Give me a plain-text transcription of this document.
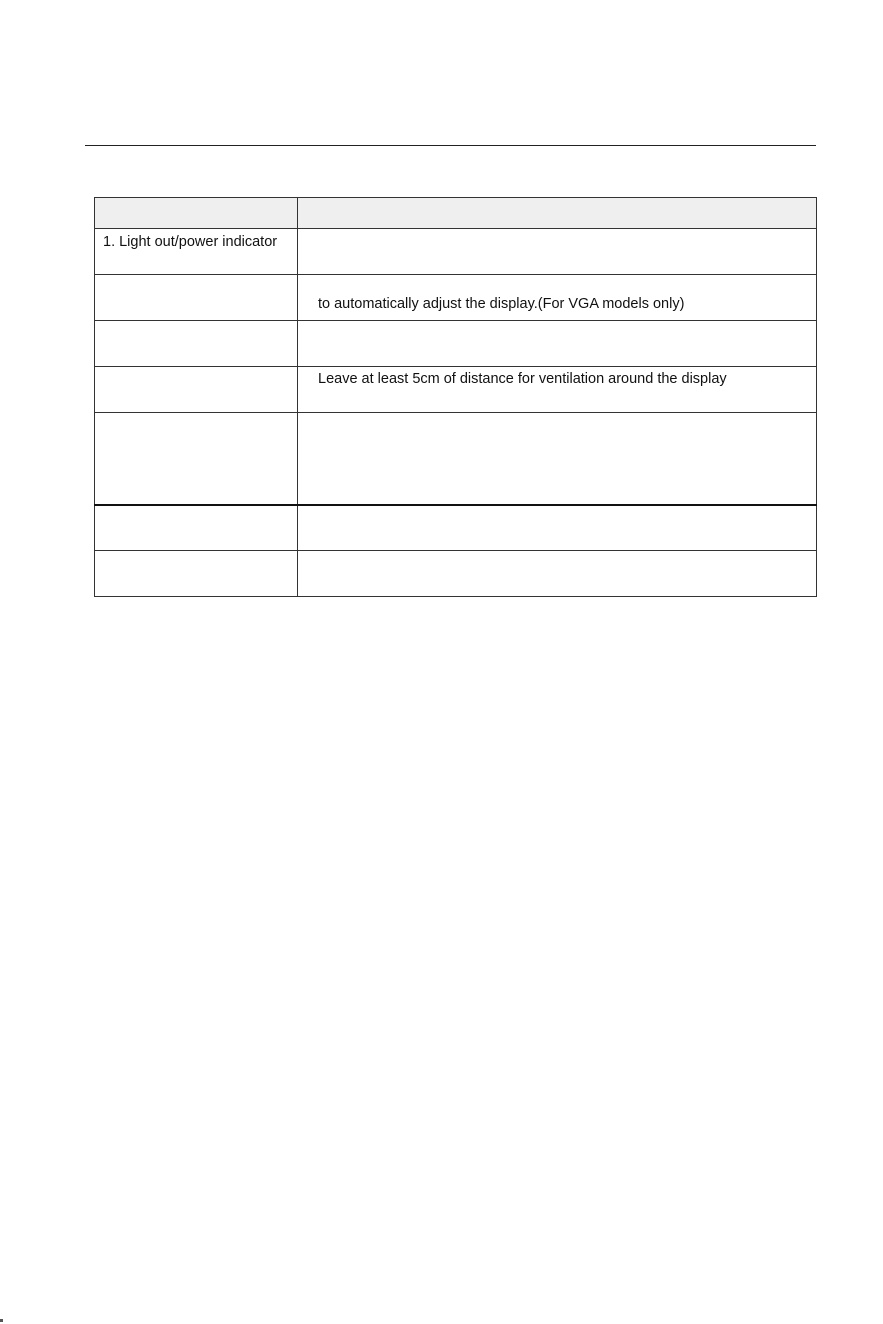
1. Light out/power indicator	
	to automatically adjust the display.(For VGA models only)

	Leave at least 5cm of distance for ventilation around the display
